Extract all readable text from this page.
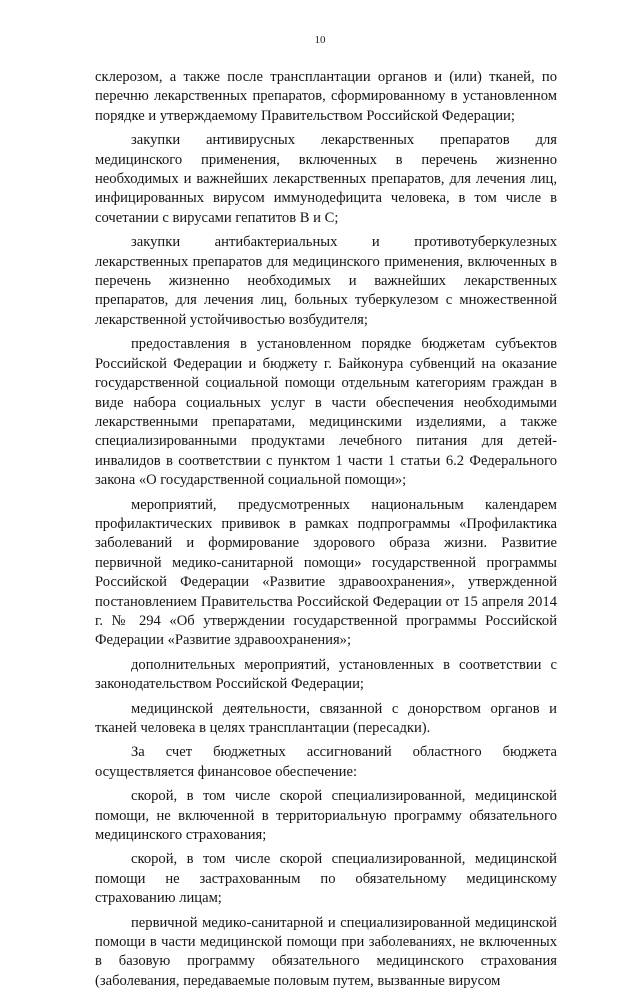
10

склерозом, а также после трансплантации органов и (или) тканей, по перечню лекарственных препаратов, сформированному в установленном порядке и утверждаемому Правительством Российской Федерации;

закупки антивирусных лекарственных препаратов для медицинского применения, включенных в перечень жизненно необходимых и важнейших лекарственных препаратов, для лечения лиц, инфицированных вирусом иммунодефицита человека, в том числе в сочетании с вирусами гепатитов B и C;

закупки антибактериальных и противотуберкулезных лекарственных препаратов для медицинского применения, включенных в перечень жизненно необходимых и важнейших лекарственных препаратов, для лечения лиц, больных туберкулезом с множественной лекарственной устойчивостью возбудителя;

предоставления в установленном порядке бюджетам субъектов Российской Федерации и бюджету г. Байконура субвенций на оказание государственной социальной помощи отдельным категориям граждан в виде набора социальных услуг в части обеспечения необходимыми лекарственными препаратами, медицинскими изделиями, а также специализированными продуктами лечебного питания для детей-инвалидов в соответствии с пунктом 1 части 1 статьи 6.2 Федерального закона «О государственной социальной помощи»;

мероприятий, предусмотренных национальным календарем профилактических прививок в рамках подпрограммы «Профилактика заболеваний и формирование здорового образа жизни. Развитие первичной медико-санитарной помощи» государственной программы Российской Федерации «Развитие здравоохранения», утвержденной постановлением Правительства Российской Федерации от 15 апреля 2014 г. № 294 «Об утверждении государственной программы Российской Федерации «Развитие здравоохранения»;

дополнительных мероприятий, установленных в соответствии с законодательством Российской Федерации;

медицинской деятельности, связанной с донорством органов и тканей человека в целях трансплантации (пересадки).

За счет бюджетных ассигнований областного бюджета осуществляется финансовое обеспечение:

скорой, в том числе скорой специализированной, медицинской помощи, не включенной в территориальную программу обязательного медицинского страхования;

скорой, в том числе скорой специализированной, медицинской помощи не застрахованным по обязательному медицинскому страхованию лицам;

первичной медико-санитарной и специализированной медицинской помощи в части медицинской помощи при заболеваниях, не включенных в базовую программу обязательного медицинского страхования (заболевания, передаваемые половым путем, вызванные вирусом
